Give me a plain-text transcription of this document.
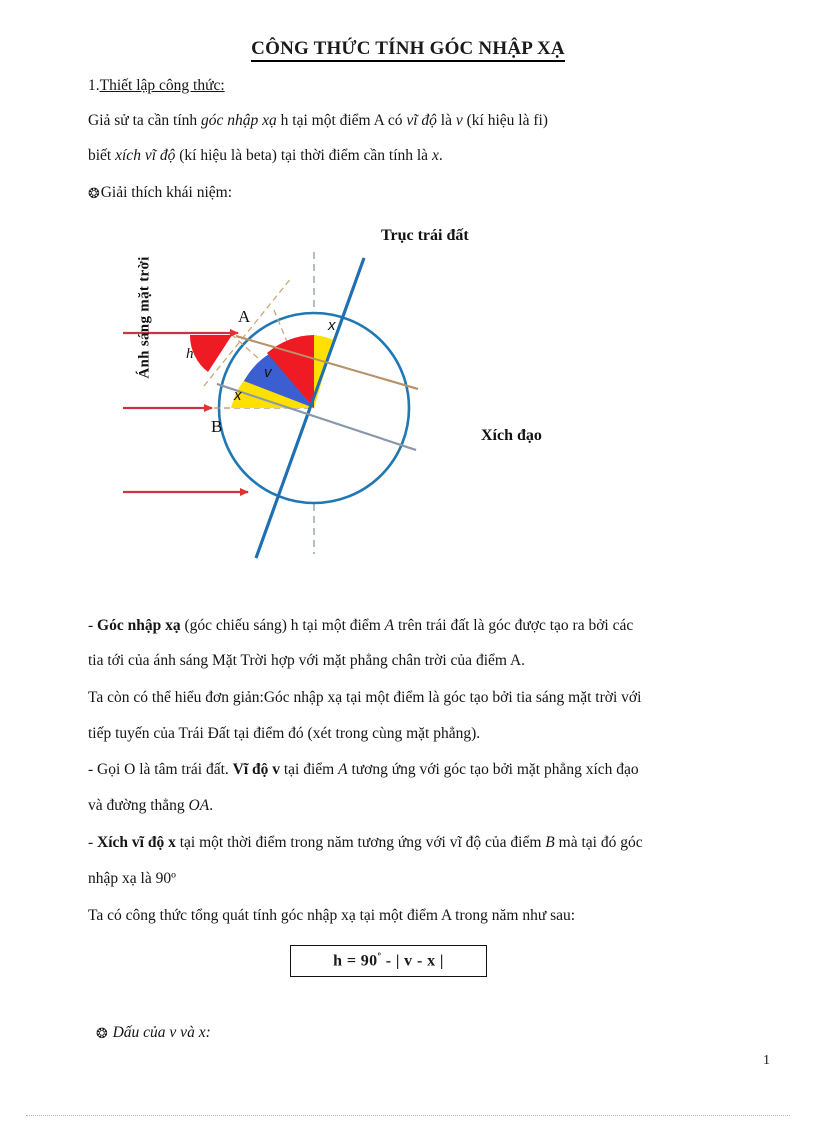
CÔNG THỨC TÍNH GÓC NHẬP XẠ
1.Thiết lập công thức:
Giả sử ta cần tính góc nhập xạ h tại một điểm A có vĩ độ là v (kí hiệu là fi)
biết xích vĩ độ (kí hiệu là beta) tại thời điểm cần tính là x.
❂Giải thích khái niệm:
Ánh sáng mặt trời
Trục trái đất
Xích đạo
A
B
h
v
x
x
- Góc nhập xạ (góc chiếu sáng) h tại một điểm A trên trái đất là góc được tạo ra bởi các
tia tới của ánh sáng Mặt Trời hợp với mặt phẳng chân trời của điểm A.
Ta còn có thể hiểu đơn giản:Góc nhập xạ tại một điểm là góc tạo bởi tia sáng mặt trời với
tiếp tuyến của Trái Đất tại điểm đó (xét trong cùng mặt phẳng).
- Gọi O là tâm trái đất. Vĩ độ v tại điểm A tương ứng với góc tạo bởi mặt phẳng xích đạo
và đường thẳng OA.
- Xích vĩ độ x tại một thời điểm trong năm tương ứng với vĩ độ của điểm B mà tại đó góc
nhập xạ là 90º
Ta có công thức tổng quát tính góc nhập xạ tại một điểm A trong năm như sau:
$h = 90^º$ - | v - x |
❂ Dấu của v và x:
1
